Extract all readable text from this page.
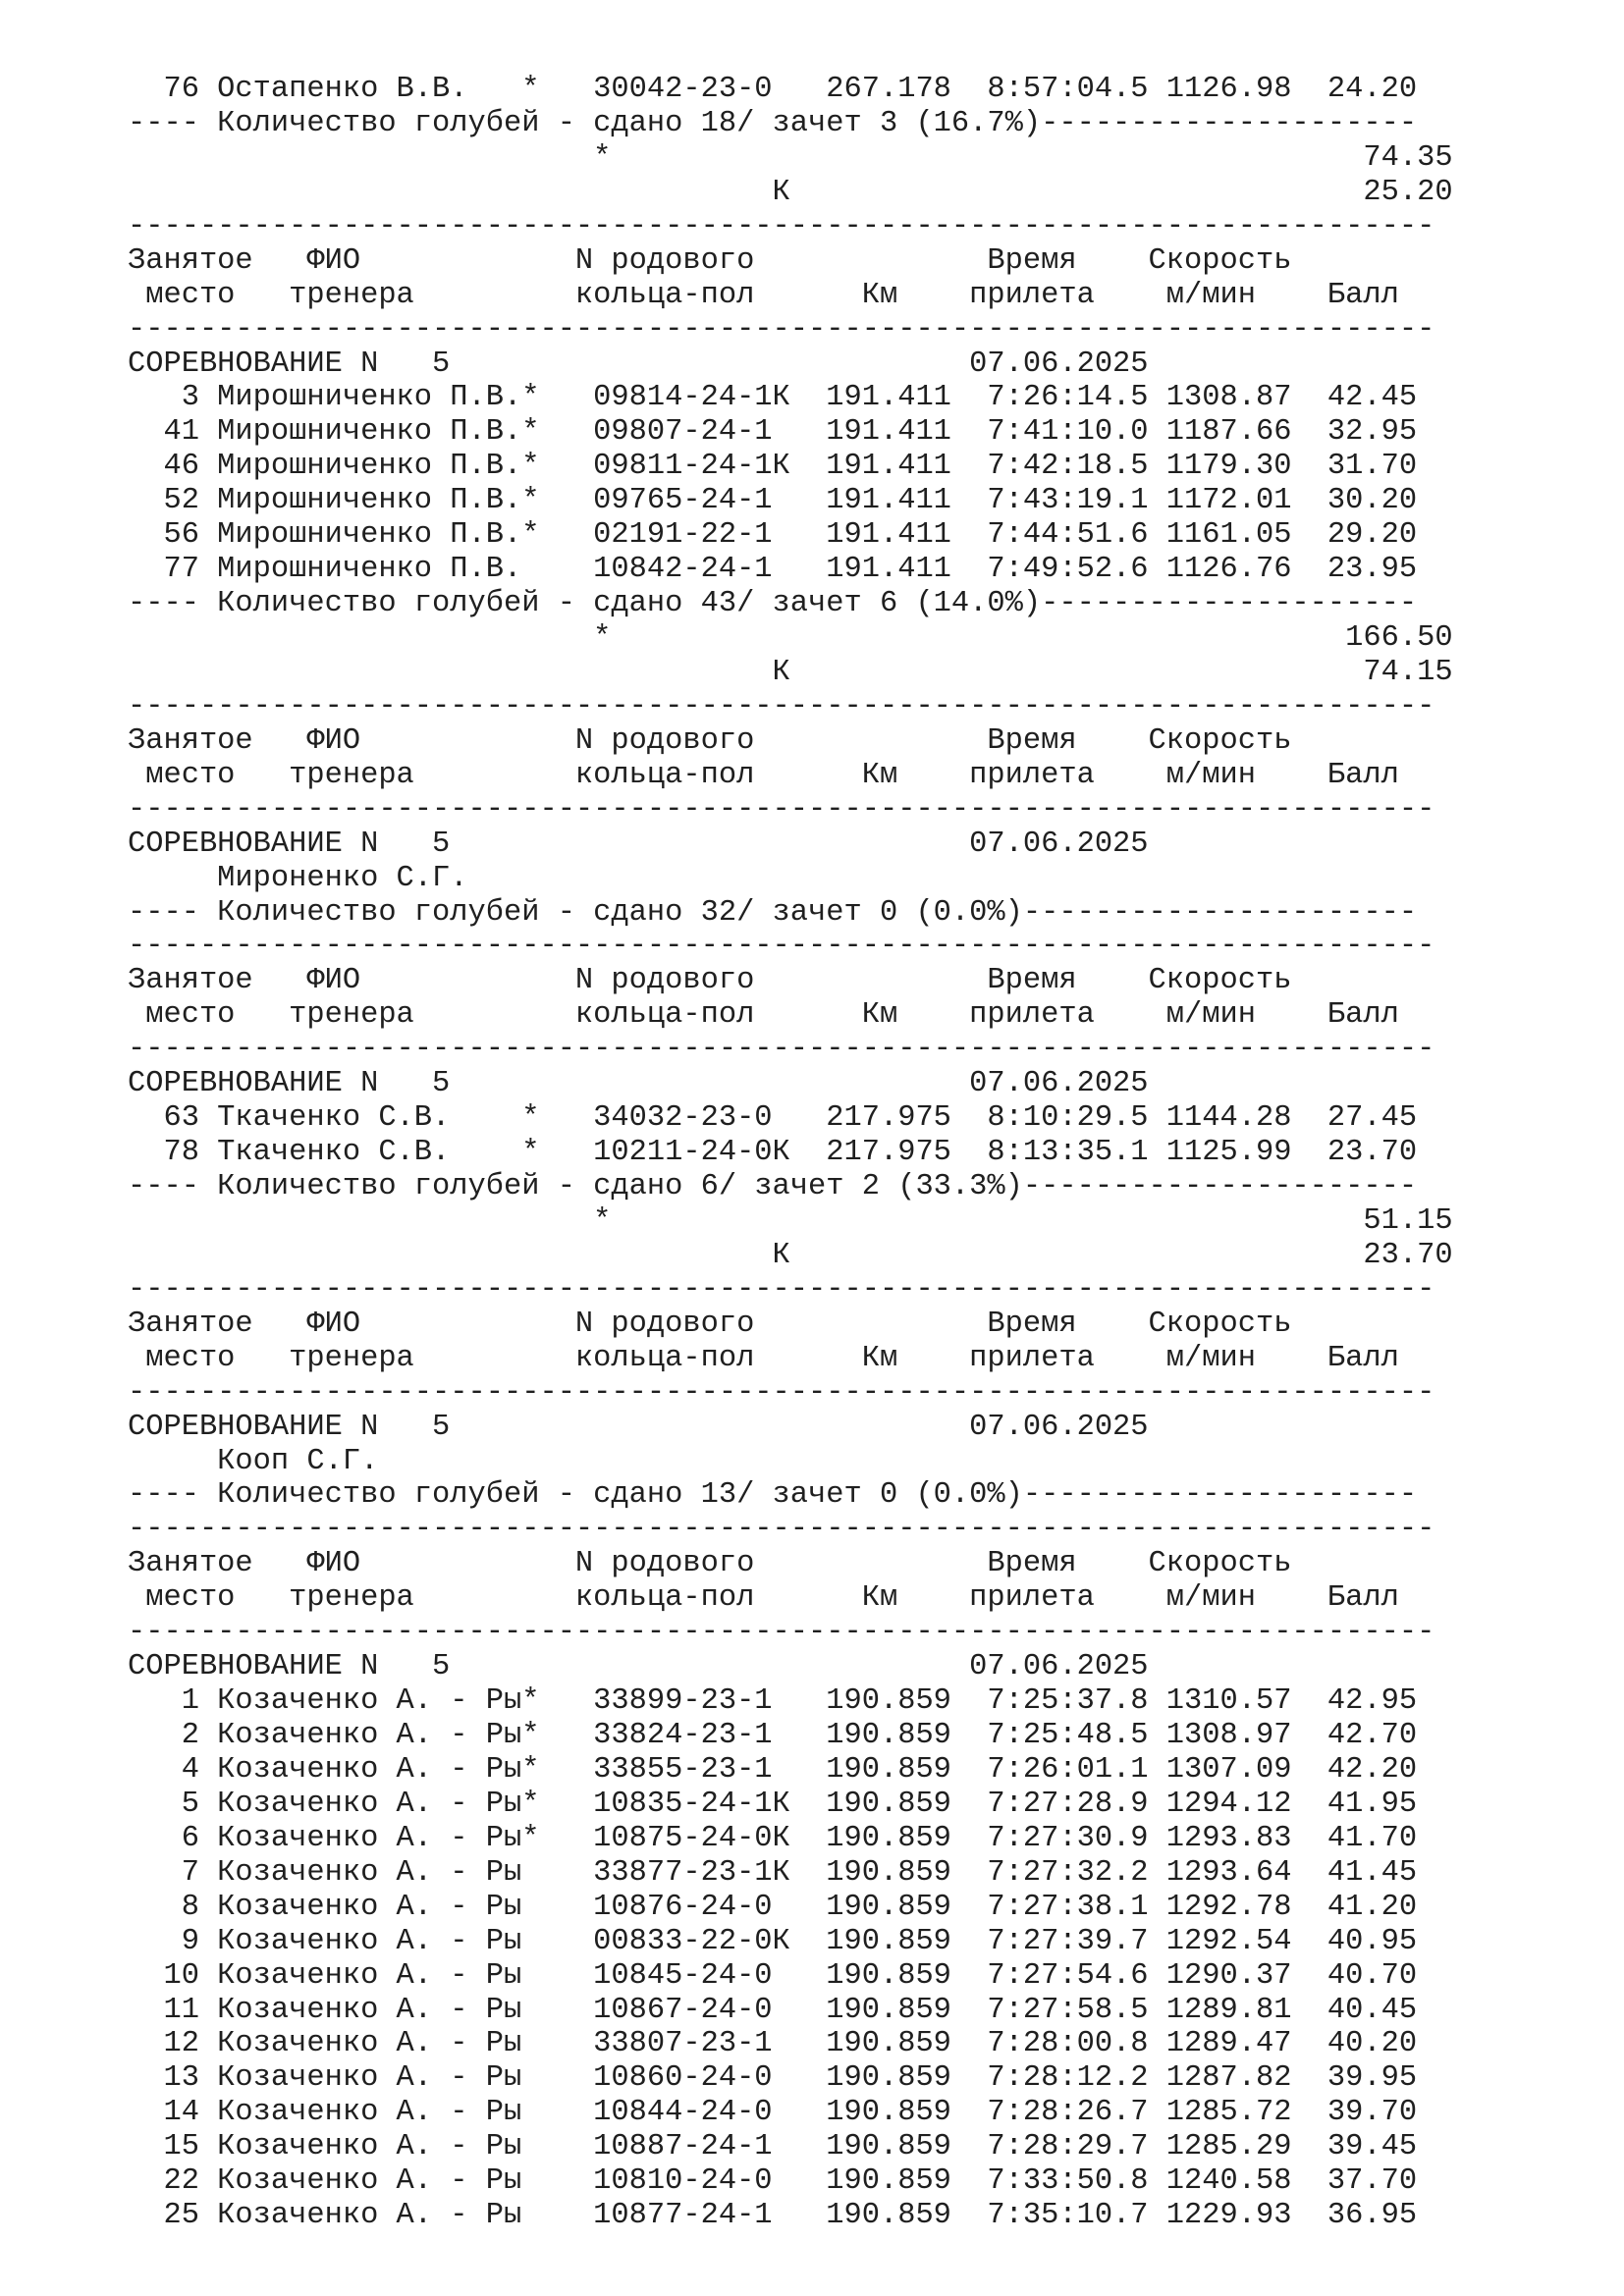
76 Остапенко В.В.   *   30042-23-0   267.178  8:57:04.5 1126.98  24.20
---- Количество голубей - сдано 18/ зачет 3 (16.7%)---------------------
*                                          74.35
К                                25.20
-------------------------------------------------------------------------
Занятое   ФИО            N родового             Время    Скорость
место   тренера         кольца-пол      Км    прилета    м/мин    Балл
-------------------------------------------------------------------------
СОРЕВНОВАНИЕ N   5                             07.06.2025
3 Мирошниченко П.В.*   09814-24-1К  191.411  7:26:14.5 1308.87  42.45
41 Мирошниченко П.В.*   09807-24-1   191.411  7:41:10.0 1187.66  32.95
46 Мирошниченко П.В.*   09811-24-1К  191.411  7:42:18.5 1179.30  31.70
52 Мирошниченко П.В.*   09765-24-1   191.411  7:43:19.1 1172.01  30.20
56 Мирошниченко П.В.*   02191-22-1   191.411  7:44:51.6 1161.05  29.20
77 Мирошниченко П.В.    10842-24-1   191.411  7:49:52.6 1126.76  23.95
---- Количество голубей - сдано 43/ зачет 6 (14.0%)---------------------
*                                         166.50
К                                74.15
-------------------------------------------------------------------------
Занятое   ФИО            N родового             Время    Скорость
место   тренера         кольца-пол      Км    прилета    м/мин    Балл
-------------------------------------------------------------------------
СОРЕВНОВАНИЕ N   5                             07.06.2025
Мироненко С.Г.
---- Количество голубей - сдано 32/ зачет 0 (0.0%)----------------------
-------------------------------------------------------------------------
Занятое   ФИО            N родового             Время    Скорость
место   тренера         кольца-пол      Км    прилета    м/мин    Балл
-------------------------------------------------------------------------
СОРЕВНОВАНИЕ N   5                             07.06.2025
63 Ткаченко С.В.    *   34032-23-0   217.975  8:10:29.5 1144.28  27.45
78 Ткаченко С.В.    *   10211-24-0К  217.975  8:13:35.1 1125.99  23.70
---- Количество голубей - сдано 6/ зачет 2 (33.3%)----------------------
*                                          51.15
К                                23.70
-------------------------------------------------------------------------
Занятое   ФИО            N родового             Время    Скорость
место   тренера         кольца-пол      Км    прилета    м/мин    Балл
-------------------------------------------------------------------------
СОРЕВНОВАНИЕ N   5                             07.06.2025
Кооп С.Г.
---- Количество голубей - сдано 13/ зачет 0 (0.0%)----------------------
-------------------------------------------------------------------------
Занятое   ФИО            N родового             Время    Скорость
место   тренера         кольца-пол      Км    прилета    м/мин    Балл
-------------------------------------------------------------------------
СОРЕВНОВАНИЕ N   5                             07.06.2025
1 Козаченко А. - Ры*   33899-23-1   190.859  7:25:37.8 1310.57  42.95
2 Козаченко А. - Ры*   33824-23-1   190.859  7:25:48.5 1308.97  42.70
4 Козаченко А. - Ры*   33855-23-1   190.859  7:26:01.1 1307.09  42.20
5 Козаченко А. - Ры*   10835-24-1К  190.859  7:27:28.9 1294.12  41.95
6 Козаченко А. - Ры*   10875-24-0К  190.859  7:27:30.9 1293.83  41.70
7 Козаченко А. - Ры    33877-23-1К  190.859  7:27:32.2 1293.64  41.45
8 Козаченко А. - Ры    10876-24-0   190.859  7:27:38.1 1292.78  41.20
9 Козаченко А. - Ры    00833-22-0К  190.859  7:27:39.7 1292.54  40.95
10 Козаченко А. - Ры    10845-24-0   190.859  7:27:54.6 1290.37  40.70
11 Козаченко А. - Ры    10867-24-0   190.859  7:27:58.5 1289.81  40.45
12 Козаченко А. - Ры    33807-23-1   190.859  7:28:00.8 1289.47  40.20
13 Козаченко А. - Ры    10860-24-0   190.859  7:28:12.2 1287.82  39.95
14 Козаченко А. - Ры    10844-24-0   190.859  7:28:26.7 1285.72  39.70
15 Козаченко А. - Ры    10887-24-1   190.859  7:28:29.7 1285.29  39.45
22 Козаченко А. - Ры    10810-24-0   190.859  7:33:50.8 1240.58  37.70
25 Козаченко А. - Ры    10877-24-1   190.859  7:35:10.7 1229.93  36.95
